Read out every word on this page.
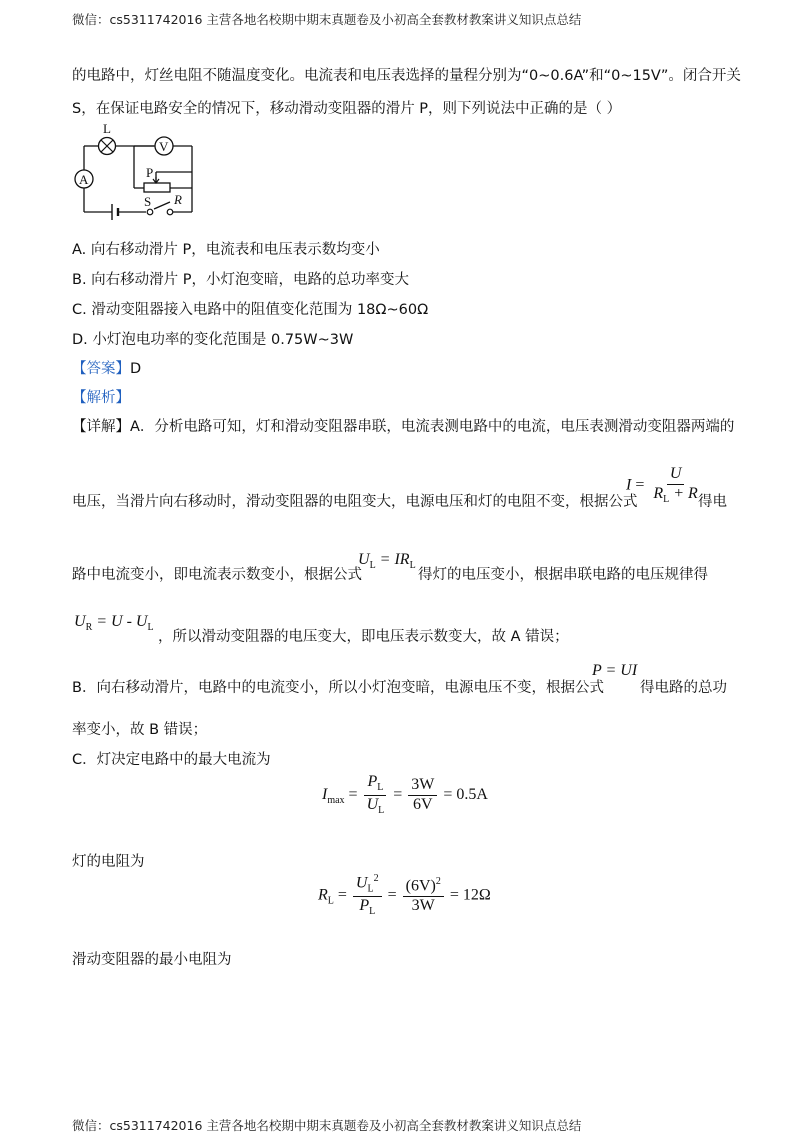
微信：cs5311742016 主营各地名校期中期末真题卷及小初高全套教材教案讲义知识点总结
的电路中，灯丝电阻不随温度变化。电流表和电压表选择的量程分别为“0~0.6A”和“0~15V”。闭合开关
S，在保证电路安全的情况下，移动滑动变阻器的滑片 P，则下列说法中正确的是（ ）
L
V
A	P
R
S
A. 向右移动滑片 P，电流表和电压表示数均变小
B. 向右移动滑片 P，小灯泡变暗，电路的总功率变大
C. 滑动变阻器接入电路中的阻值变化范围为 18Ω~60Ω
D. 小灯泡电功率的变化范围是 0.75W~3W
【答案】D
【解析】
【详解】A．分析电路可知，灯和滑动变阻器串联，电流表测电路中的电流，电压表测滑动变阻器两端的
电压，当滑片向右移动时，滑动变阻器的电阻变大，电源电压和灯的电阻不变，根据公式
$I = \frac{U}{R_L + R}$
得电
路中电流变小，即电流表示数变小，根据公式
$U_L = IR_L$
得灯的电压变小，根据串联电路的电压规律得
$U_R = U - U_L$
，所以滑动变阻器的电压变大，即电压表示数变大，故 A 错误；
B．向右移动滑片，电路中的电流变小，所以小灯泡变暗，电源电压不变，根据公式
P = UI
得电路的总功
率变小，故 B 错误；
C．灯决定电路中的最大电流为
$I_{max} = \frac{P_L}{U_L} = \frac{3W}{6V} = 0.5A$
灯的电阻为
$R_L = \frac{U_L^2}{P_L} = \frac{(6V)^2}{3W} = 12\Omega$
滑动变阻器的最小电阻为
微信：cs5311742016 主营各地名校期中期末真题卷及小初高全套教材教案讲义知识点总结
